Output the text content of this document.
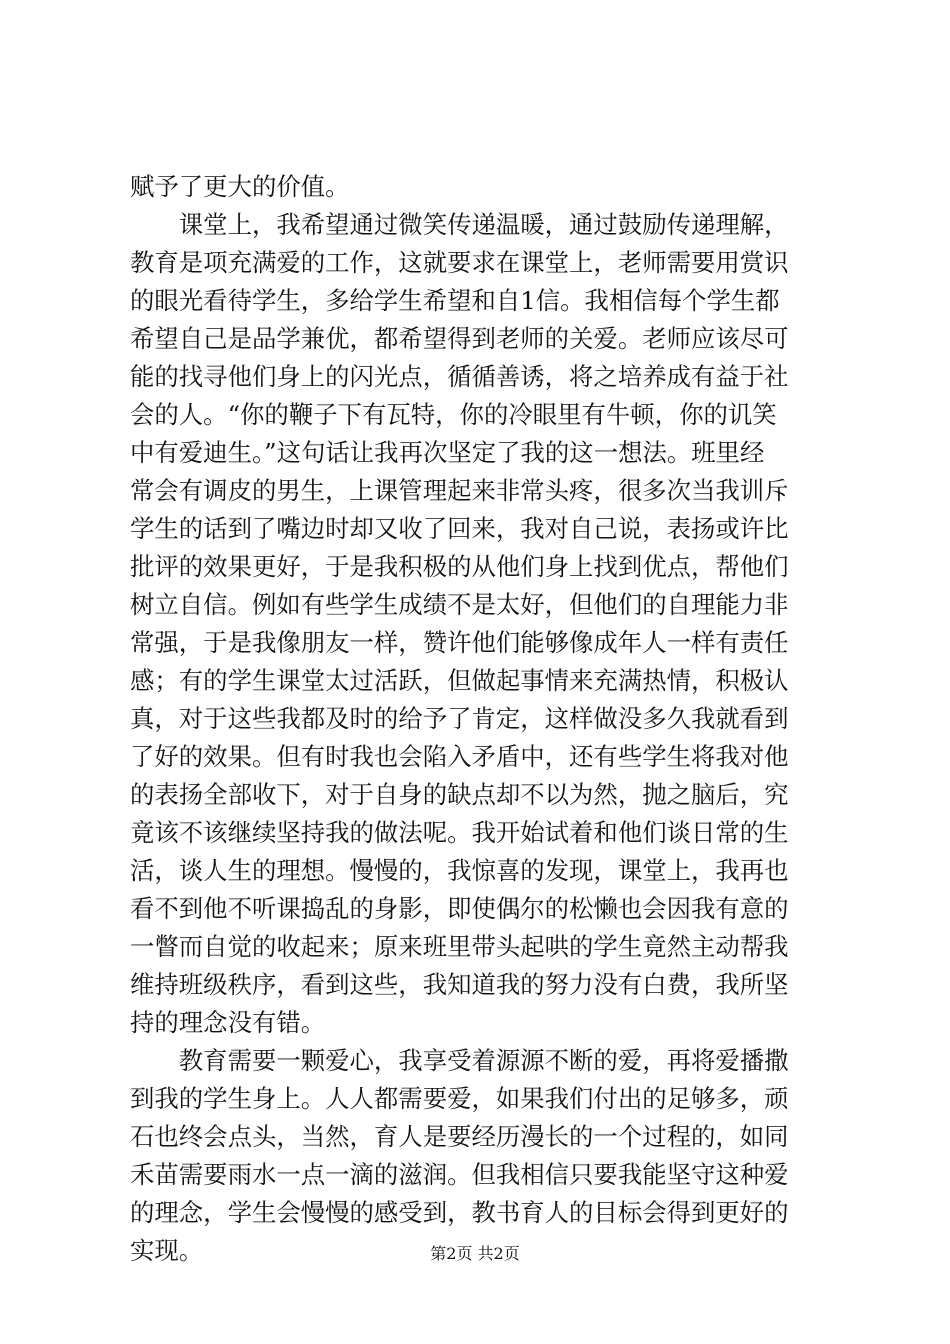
赋予了更大的价值。
　　课堂上，我希望通过微笑传递温暖，通过鼓励传递理解，
教育是项充满爱的工作，这就要求在课堂上，老师需要用赏识
的眼光看待学生，多给学生希望和自1信。我相信每个学生都
希望自己是品学兼优，都希望得到老师的关爱。老师应该尽可
能的找寻他们身上的闪光点，循循善诱，将之培养成有益于社
会的人。“你的鞭子下有瓦特，你的冷眼里有牛顿，你的讥笑
中有爱迪生。”这句话让我再次坚定了我的这一想法。班里经
常会有调皮的男生，上课管理起来非常头疼，很多次当我训斥
学生的话到了嘴边时却又收了回来，我对自己说，表扬或许比
批评的效果更好，于是我积极的从他们身上找到优点，帮他们
树立自信。例如有些学生成绩不是太好，但他们的自理能力非
常强，于是我像朋友一样，赞许他们能够像成年人一样有责任
感；有的学生课堂太过活跃，但做起事情来充满热情，积极认
真，对于这些我都及时的给予了肯定，这样做没多久我就看到
了好的效果。但有时我也会陷入矛盾中，还有些学生将我对他
的表扬全部收下，对于自身的缺点却不以为然，抛之脑后，究
竟该不该继续坚持我的做法呢。我开始试着和他们谈日常的生
活，谈人生的理想。慢慢的，我惊喜的发现，课堂上，我再也
看不到他不听课捣乱的身影，即使偶尔的松懒也会因我有意的
一瞥而自觉的收起来；原来班里带头起哄的学生竟然主动帮我
维持班级秩序，看到这些，我知道我的努力没有白费，我所坚
持的理念没有错。
　　教育需要一颗爱心，我享受着源源不断的爱，再将爱播撒
到我的学生身上。人人都需要爱，如果我们付出的足够多，顽
石也终会点头，当然，育人是要经历漫长的一个过程的，如同
禾苗需要雨水一点一滴的滋润。但我相信只要我能坚守这种爱
的理念，学生会慢慢的感受到，教书育人的目标会得到更好的
实现。	第2页 共2页
